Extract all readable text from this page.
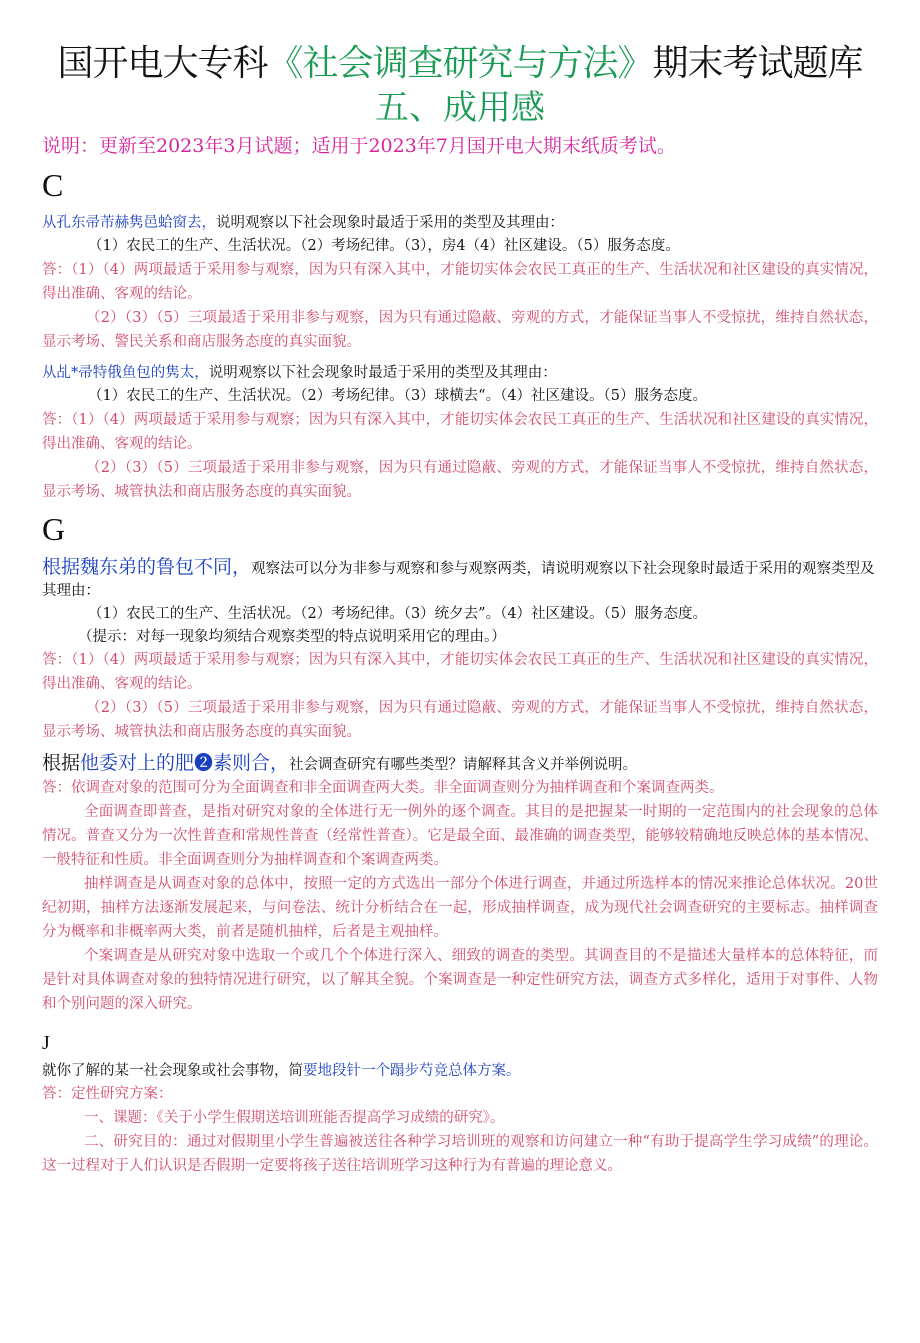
国开电大专科《社会调查研究与方法》期末考试题库
五、成用感
说明：更新至2023年3月试题；适用于2023年7月国开电大期末纸质考试。
C
从孔东帚芾赫隽邑蛤窗去，说明观察以下社会现象时最适于采用的类型及其理由：
（1）农民工的生产、生活状况。（2）考场纪律。（3），房4（4）社区建设。（5）服务态度。
答：（1）（4）两项最适于采用参与观察，因为只有深入其中，才能切实体会农民工真正的生产、生活状况和社区建设的真实情况，得出准确、客观的结论。
（2）（3）（5）三项最适于采用非参与观察，因为只有通过隐蔽、旁观的方式，才能保证当事人不受惊扰，维持自然状态，显示考场、警民关系和商店服务态度的真实面貌。
从乩*帚特俄鱼包的隽太，说明观察以下社会现象时最适于采用的类型及其理由：
（1）农民工的生产、生活状况。（2）考场纪律。（3）球横去“。（4）社区建设。（5）服务态度。
答：（1）（4）两项最适于采用参与观察；因为只有深入其中，才能切实体会农民工真正的生产、生活状况和社区建设的真实情况，得出准确、客观的结论。
（2）（3）（5）三项最适于采用非参与观察，因为只有通过隐蔽、旁观的方式，才能保证当事人不受惊扰，维持自然状态，显示考场、城管执法和商店服务态度的真实面貌。
G
根据魏东弟的鲁包不同，观察法可以分为非参与观察和参与观察两类，请说明观察以下社会现象时最适于采用的观察类型及其理由：
（1）农民工的生产、生活状况。（2）考场纪律。（3）统夕去”。（4）社区建设。（5）服务态度。
（提示：对每一现象均须结合观察类型的特点说明采用它的理由。）
答：（1）（4）两项最适于采用参与观察；因为只有深入其中，才能切实体会农民工真正的生产、生活状况和社区建设的真实情况，得出准确、客观的结论。
（2）（3）（5）三项最适于采用非参与观察，因为只有通过隐蔽、旁观的方式，才能保证当事人不受惊扰，维持自然状态，显示考场、城管执法和商店服务态度的真实面貌。
根据他委对上的肥❷素则合，社会调查研究有哪些类型？请解释其含义并举例说明。
答：依调查对象的范围可分为全面调查和非全面调查两大类。非全面调查则分为抽样调查和个案调查两类。
全面调查即普查，是指对研究对象的全体进行无一例外的逐个调查。其目的是把握某一时期的一定范围内的社会现象的总体情况。普查又分为一次性普查和常规性普查（经常性普查）。它是最全面、最准确的调查类型，能够较精确地反映总体的基本情况、一般特征和性质。非全面调查则分为抽样调查和个案调查两类。
抽样调查是从调查对象的总体中，按照一定的方式选出一部分个体进行调查，并通过所选样本的情况来推论总体状况。20世纪初期，抽样方法逐渐发展起来，与问卷法、统计分析结合在一起，形成抽样调查，成为现代社会调查研究的主要标志。抽样调查分为概率和非概率两大类，前者是随机抽样，后者是主观抽样。
个案调查是从研究对象中选取一个或几个个体进行深入、细致的调查的类型。其调查目的不是描述大量样本的总体特征，而是针对具体调查对象的独特情况进行研究，以了解其全貌。个案调查是一种定性研究方法，调查方式多样化，适用于对事件、人物和个别问题的深入研究。
J
就你了解的某一社会现象或社会事物，简要地段针一个蹋步芍竞总体方案。
答：定性研究方案：
一、课题：《关于小学生假期送培训班能否提高学习成绩的研究》。
二、研究目的：通过对假期里小学生普遍被送往各种学习培训班的观察和访问建立一种“有助于提高学生学习成绩”的理论。这一过程对于人们认识是否假期一定要将孩子送往培训班学习这种行为有普遍的理论意义。
